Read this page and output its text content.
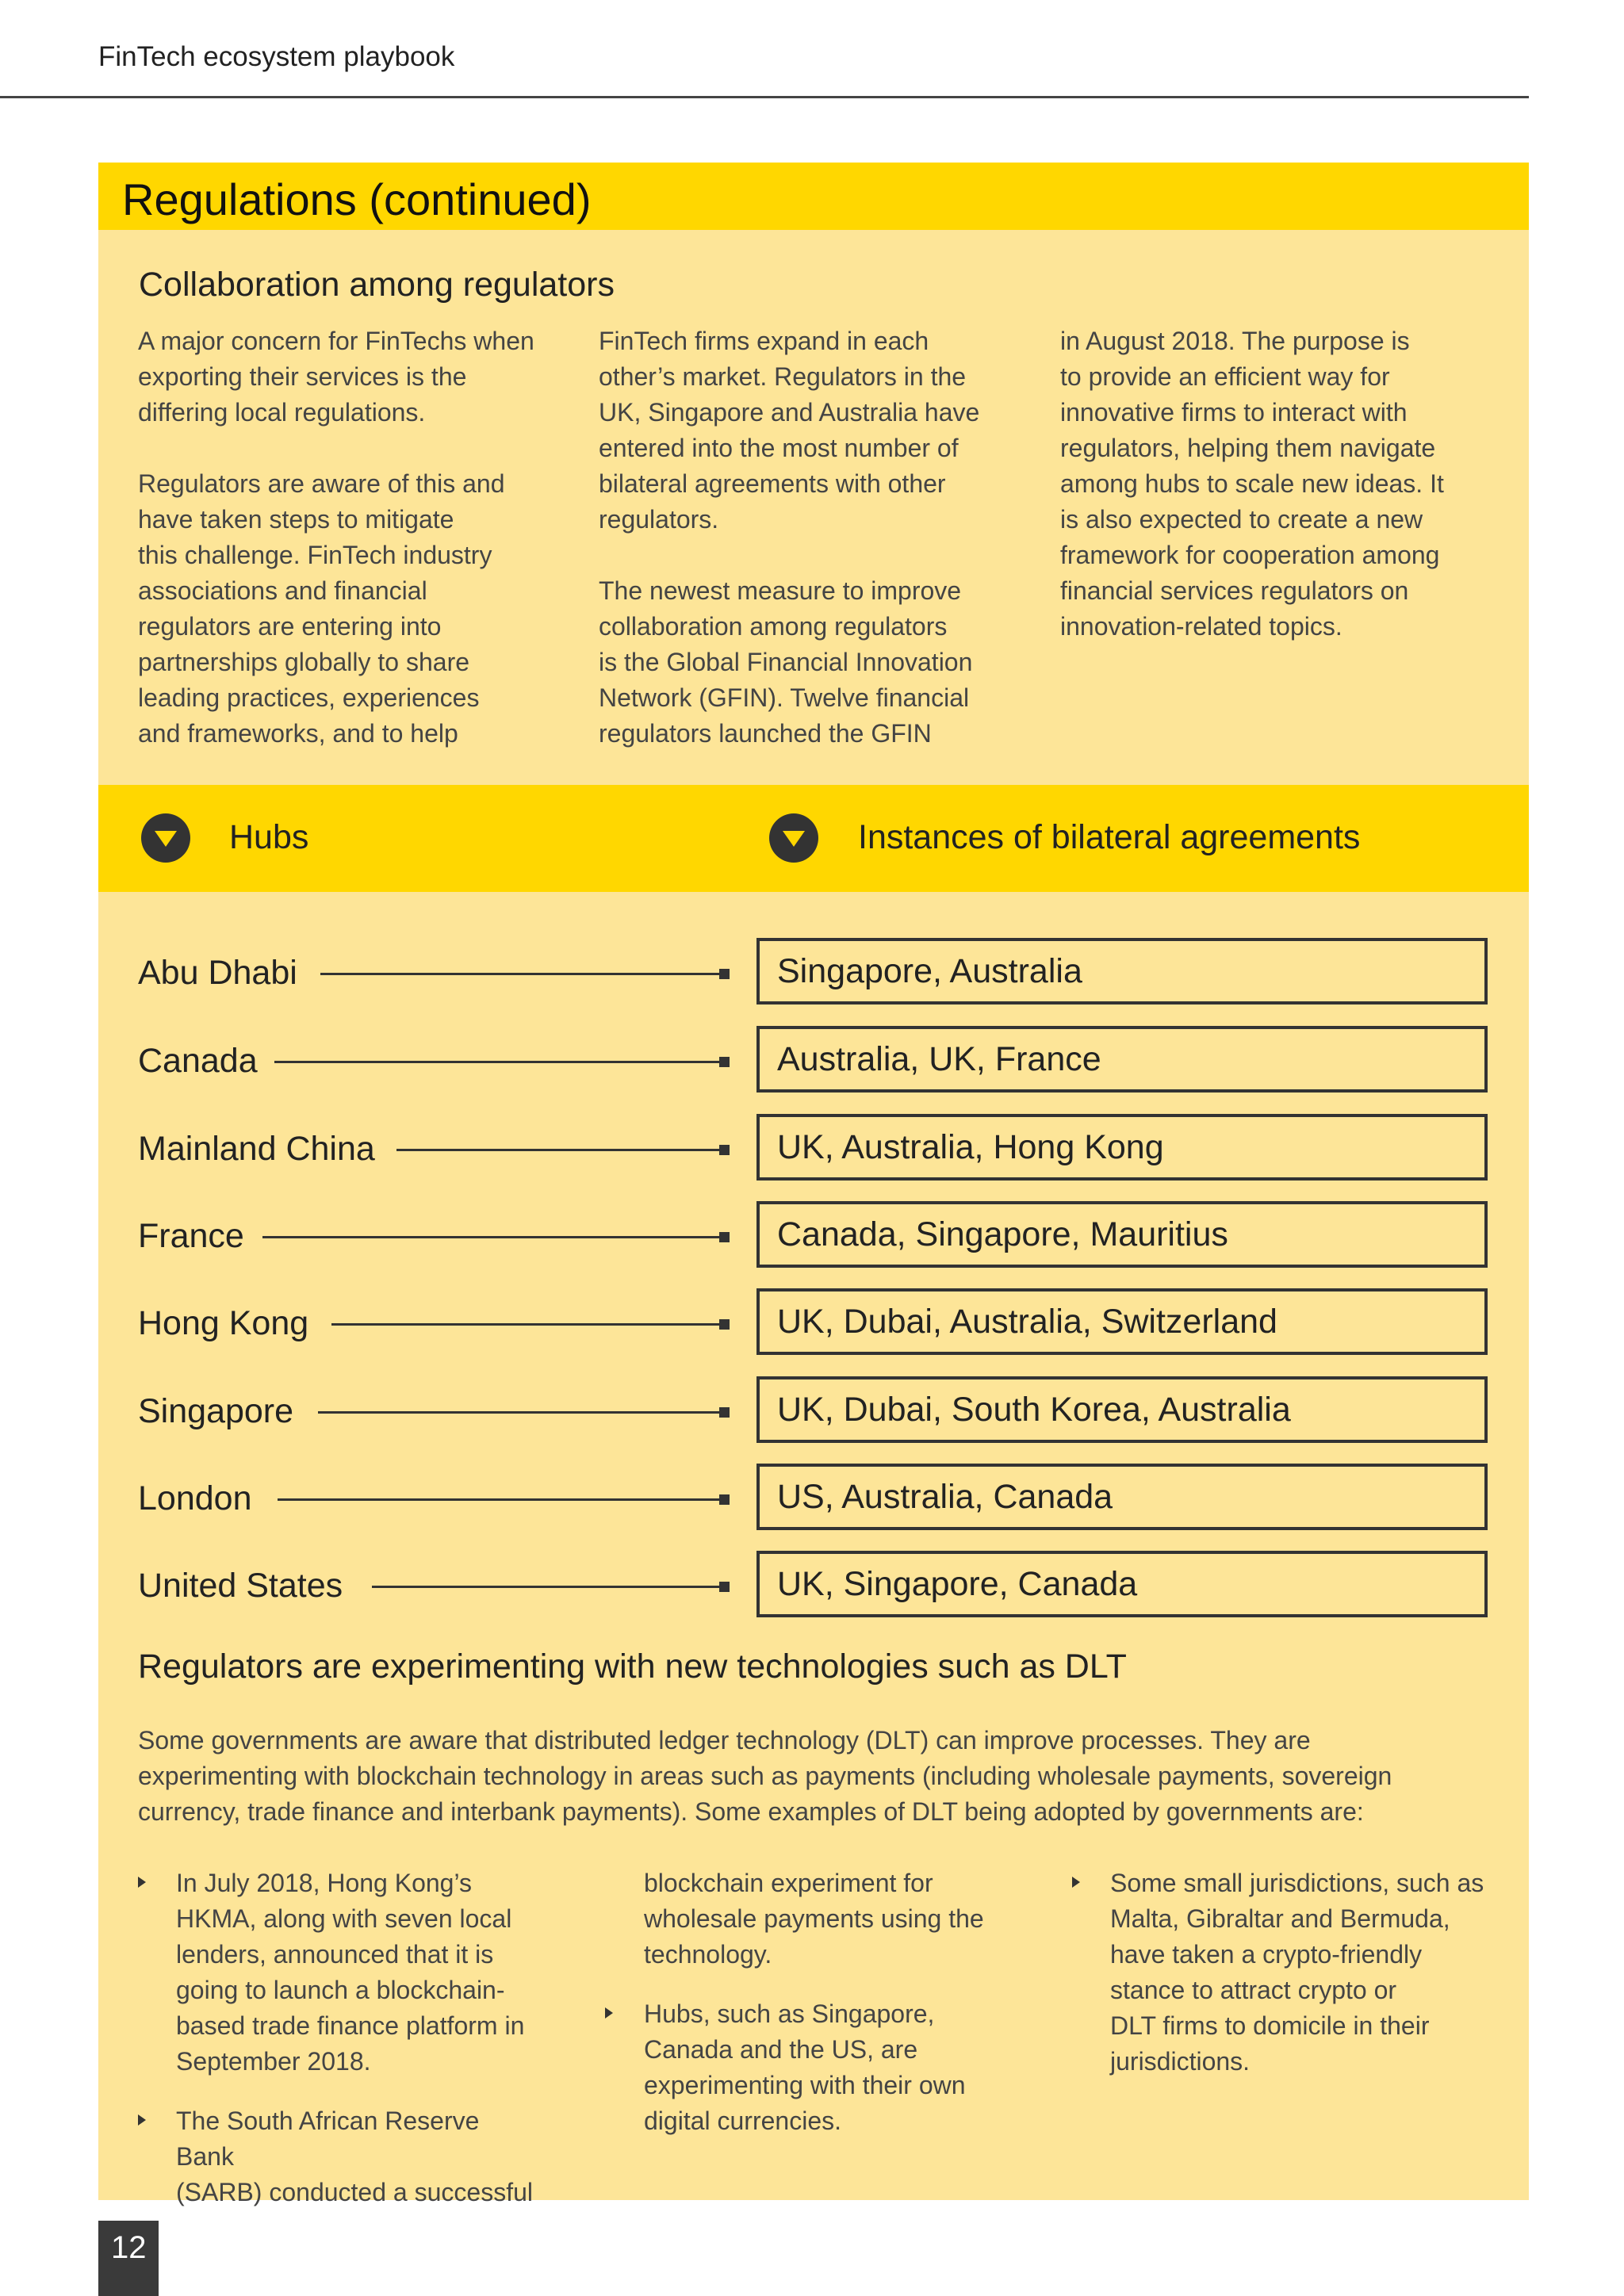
FinTech ecosystem playbook
Regulations (continued)
Collaboration among regulators

A major concern for FinTechs when
exporting their services is the
differing local regulations.

Regulators are aware of this and
have taken steps to mitigate
this challenge. FinTech industry
associations and financial
regulators are entering into
partnerships globally to share
leading practices, experiences
and frameworks, and to help

FinTech firms expand in each
other’s market. Regulators in the
UK, Singapore and Australia have
entered into the most number of
bilateral agreements with other
regulators.

The newest measure to improve
collaboration among regulators
is the Global Financial Innovation
Network (GFIN). Twelve financial
regulators launched the GFIN

in August 2018. The purpose is
to provide an efficient way for
innovative firms to interact with
regulators, helping them navigate
among hubs to scale new ideas. It
is also expected to create a new
framework for cooperation among
financial services regulators on
innovation-related topics.

Hubs	Instances of bilateral agreements
Abu Dhabi	Singapore, Australia
Canada	Australia, UK, France
Mainland China	UK, Australia, Hong Kong
France	Canada, Singapore, Mauritius
Hong Kong	UK, Dubai, Australia, Switzerland
Singapore	UK, Dubai, South Korea, Australia
London	US, Australia, Canada
United States	UK, Singapore, Canada
Regulators are experimenting with new technologies such as DLT
Some governments are aware that distributed ledger technology (DLT) can improve processes. They are
experimenting with blockchain technology in areas such as payments (including wholesale payments, sovereign
currency, trade finance and interbank payments). Some examples of DLT being adopted by governments are:
In July 2018, Hong Kong’s
HKMA, along with seven local
lenders, announced that it is
going to launch a blockchain-
based trade finance platform in
September 2018.
The South African Reserve Bank
(SARB) conducted a successful
blockchain experiment for
wholesale payments using the
technology.
Hubs, such as Singapore,
Canada and the US, are
experimenting with their own
digital currencies.
Some small jurisdictions, such as
Malta, Gibraltar and Bermuda,
have taken a crypto-friendly
stance to attract crypto or
DLT firms to domicile in their
jurisdictions.
12
